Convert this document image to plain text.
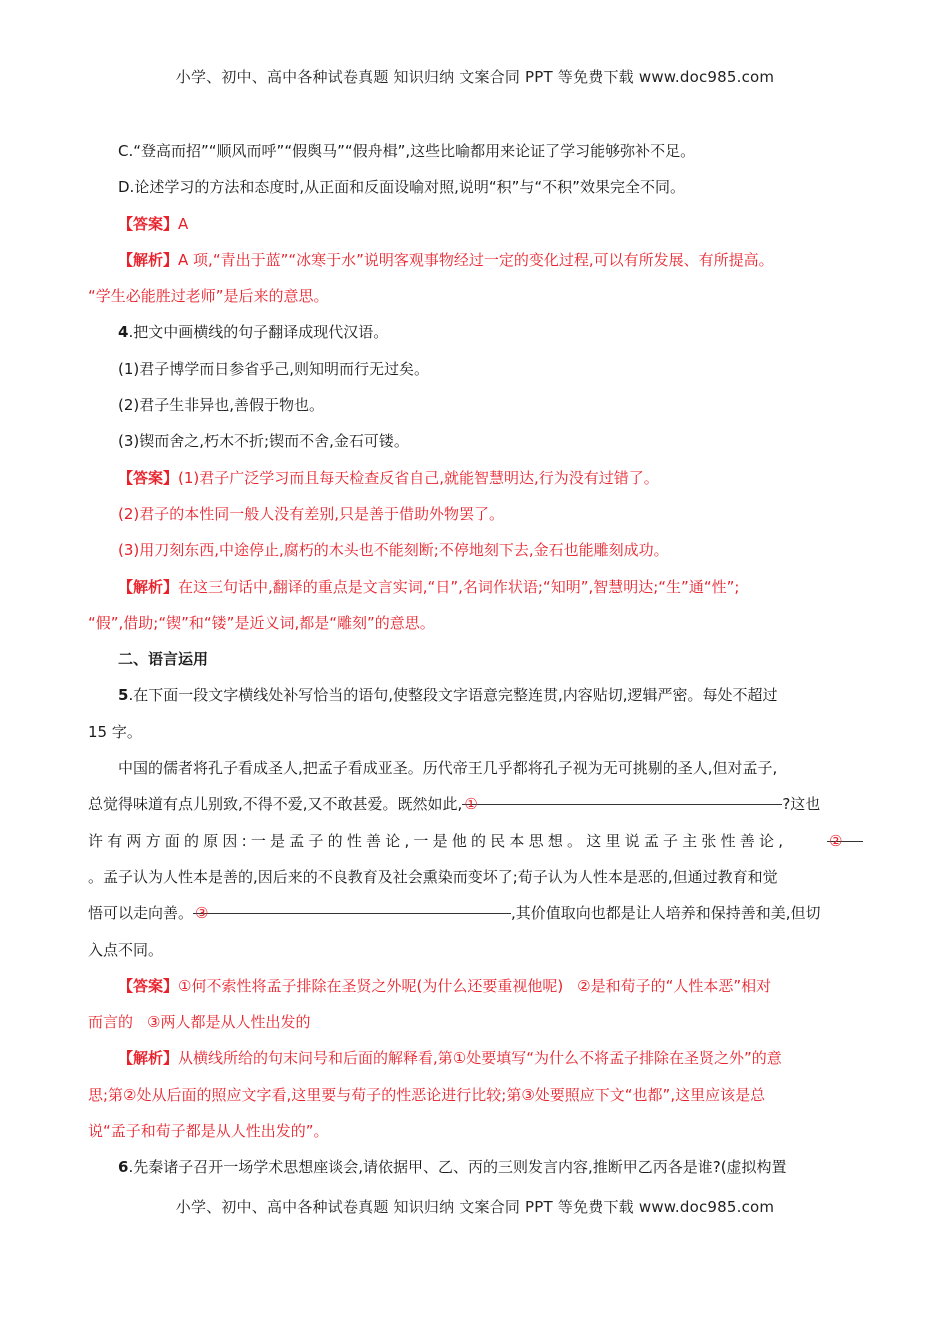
小学、初中、高中各种试卷真题 知识归纳 文案合同 PPT 等免费下载 www.doc985.com
C.“登高而招”“顺风而呼”“假舆马”“假舟楫”,这些比喻都用来论证了学习能够弥补不足。
D.论述学习的方法和态度时,从正面和反面设喻对照,说明“积”与“不积”效果完全不同。
【答案】A
【解析】A 项,“青出于蓝”“冰寒于水”说明客观事物经过一定的变化过程,可以有所发展、有所提高。
“学生必能胜过老师”是后来的意思。
4.把文中画横线的句子翻译成现代汉语。
(1)君子博学而日参省乎己,则知明而行无过矣。
(2)君子生非异也,善假于物也。
(3)锲而舍之,朽木不折;锲而不舍,金石可镂。
【答案】(1)君子广泛学习而且每天检查反省自己,就能智慧明达,行为没有过错了。
(2)君子的本性同一般人没有差别,只是善于借助外物罢了。
(3)用刀刻东西,中途停止,腐朽的木头也不能刻断;不停地刻下去,金石也能雕刻成功。
【解析】在这三句话中,翻译的重点是文言实词,“日”,名词作状语;“知明”,智慧明达;“生”通“性”;
“假”,借助;“锲”和“镂”是近义词,都是“雕刻”的意思。
二、语言运用
5.在下面一段文字横线处补写恰当的语句,使整段文字语意完整连贯,内容贴切,逻辑严密。每处不超过
15 字。
中国的儒者将孔子看成圣人,把孟子看成亚圣。历代帝王几乎都将孔子视为无可挑剔的圣人,但对孟子,
总觉得味道有点儿别致,不得不爱,又不敢甚爱。既然如此, ①	?这也
许有两方面的原因:一是孟子的性善论,一是他的民本思想。这里说孟子主张性善论,	②
。孟子认为人性本是善的,因后来的不良教育及社会熏染而变坏了;荀子认为人性本是恶的,但通过教育和觉
悟可以走向善。 ③	,其价值取向也都是让人培养和保持善和美,但切
入点不同。
【答案】①何不索性将孟子排除在圣贤之外呢(为什么还要重视他呢) ②是和荀子的“人性本恶”相对
而言的 ③两人都是从人性出发的
【解析】从横线所给的句末问号和后面的解释看,第①处要填写“为什么不将孟子排除在圣贤之外”的意
思;第②处从后面的照应文字看,这里要与荀子的性恶论进行比较;第③处要照应下文“也都”,这里应该是总
说“孟子和荀子都是从人性出发的”。
6.先秦诸子召开一场学术思想座谈会,请依据甲、乙、丙的三则发言内容,推断甲乙丙各是谁?(虚拟构置
小学、初中、高中各种试卷真题 知识归纳 文案合同 PPT 等免费下载 www.doc985.com
